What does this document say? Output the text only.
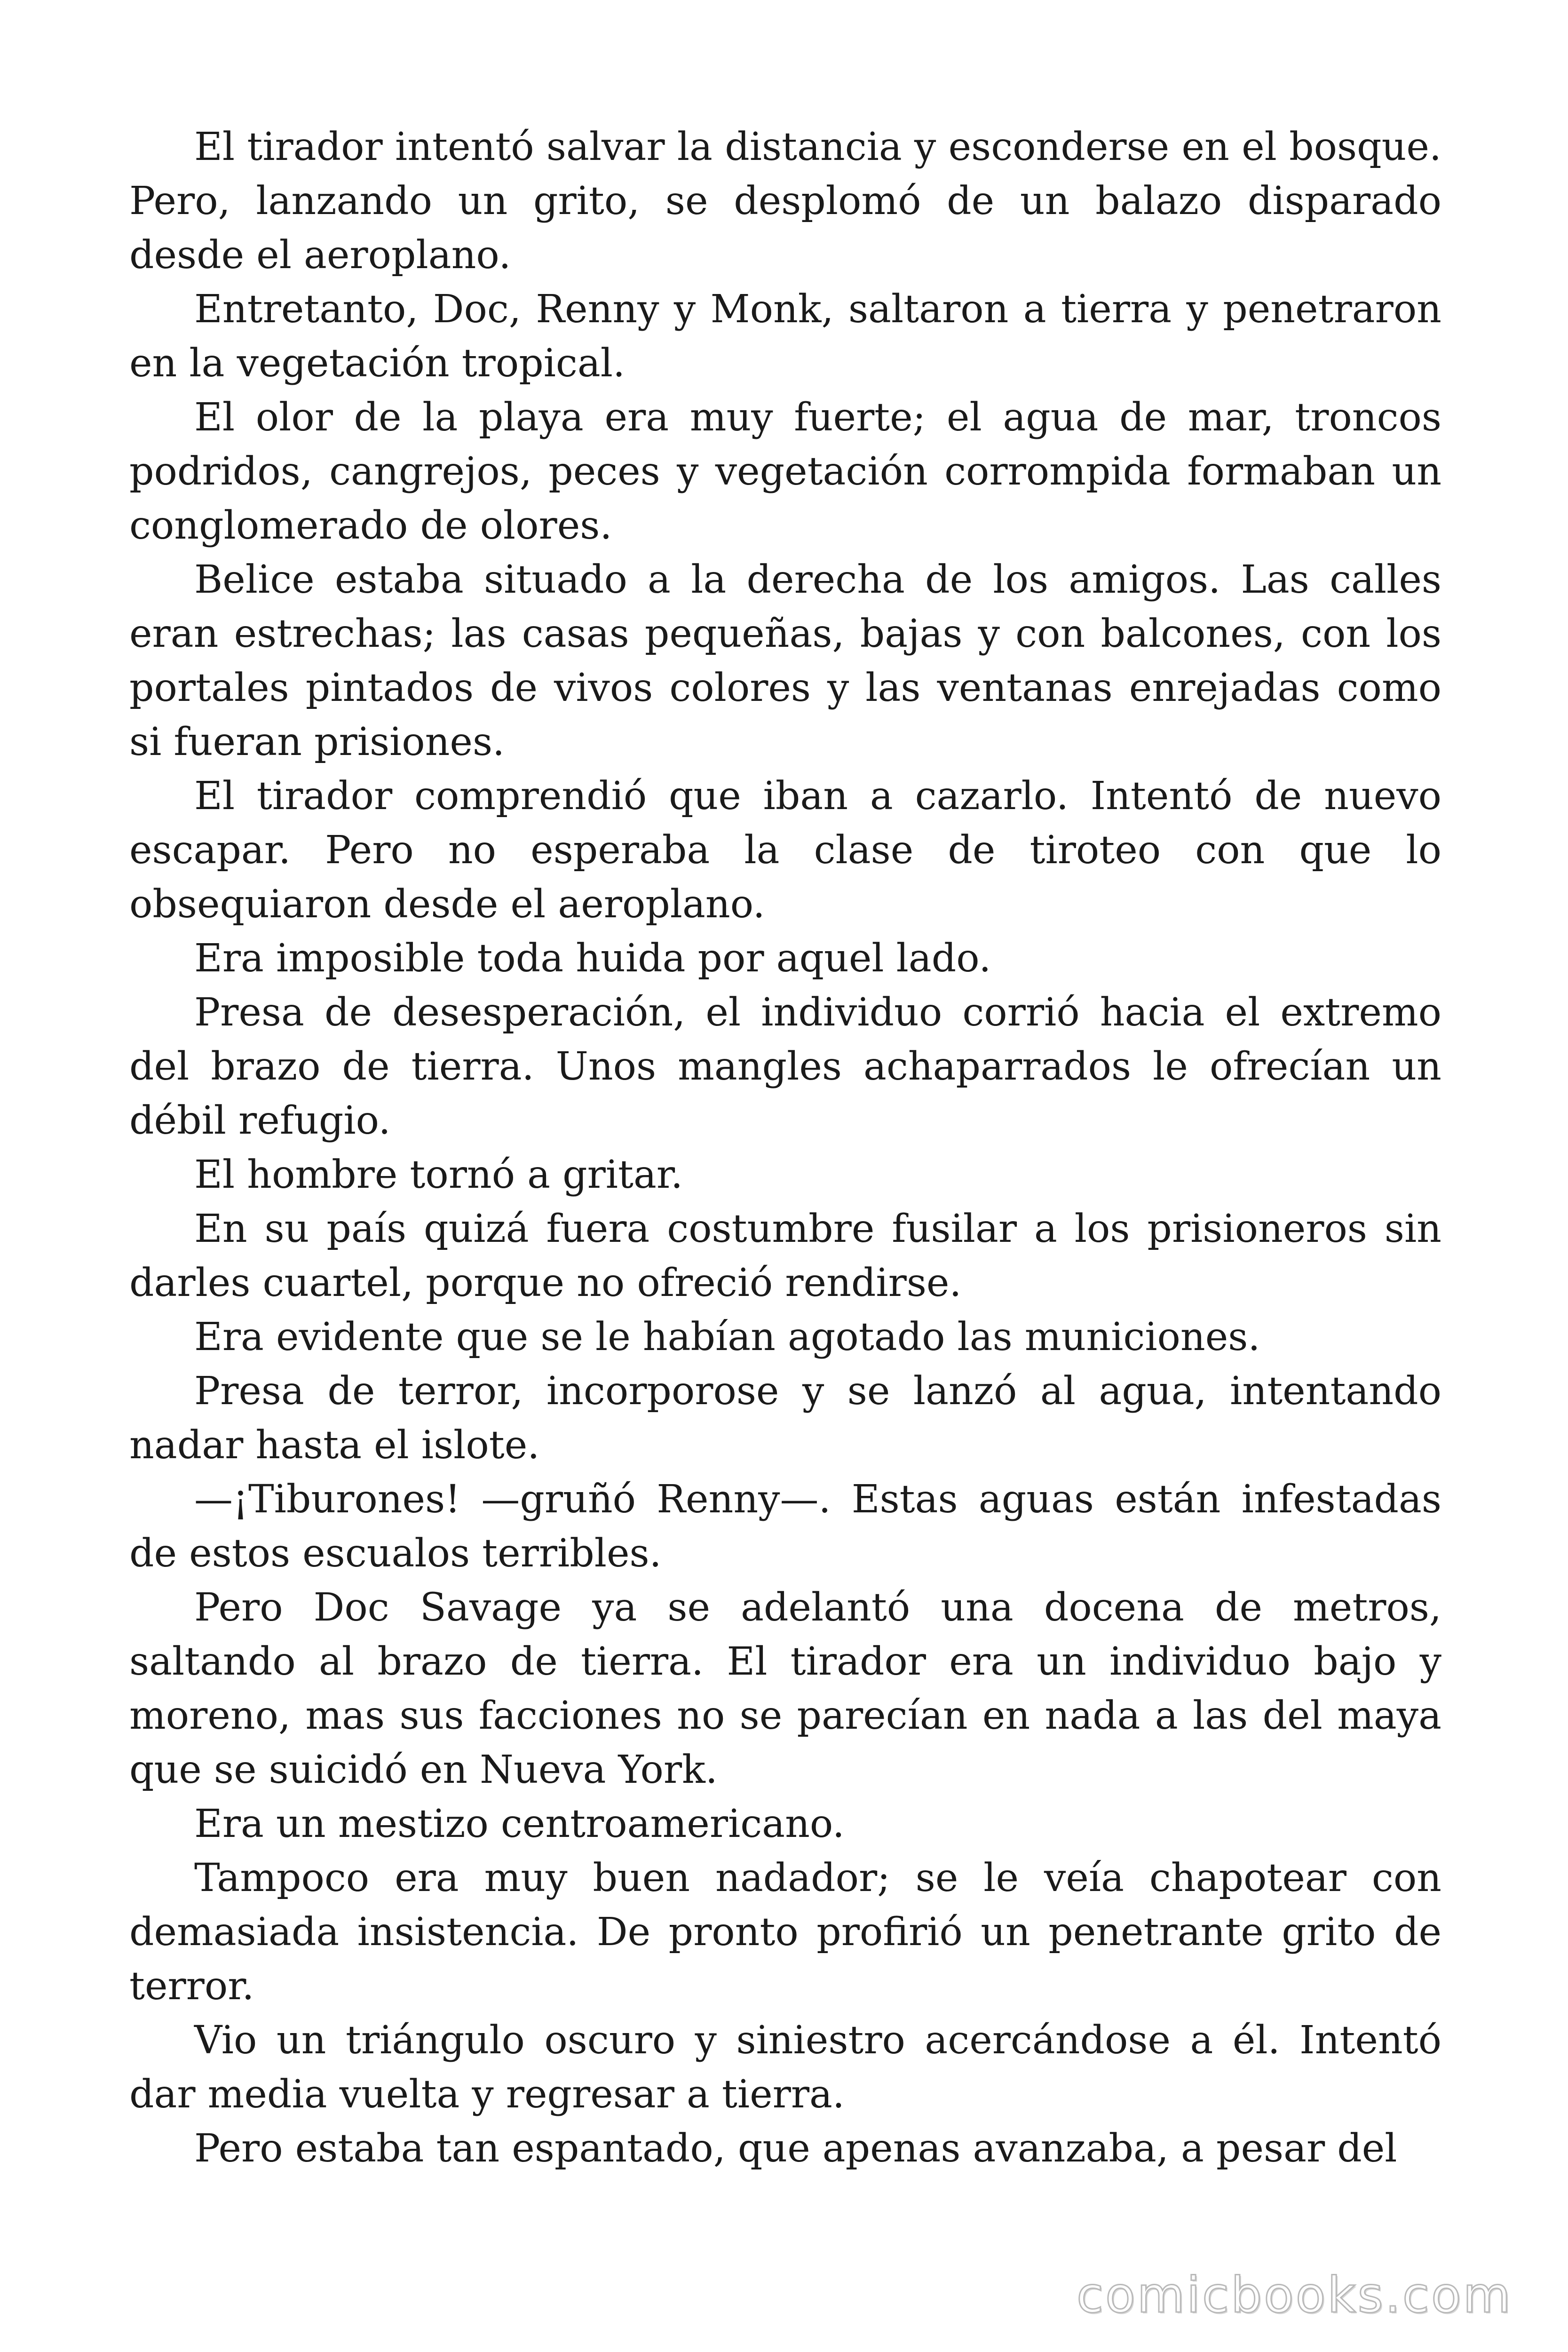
El tirador intentó salvar la distancia y esconderse en el bosque. Pero, lanzando un grito, se desplomó de un balazo disparado desde el aeroplano.

Entretanto, Doc, Renny y Monk, saltaron a tierra y penetraron en la vegetación tropical.

El olor de la playa era muy fuerte; el agua de mar, troncos podridos, cangrejos, peces y vegetación corrompida formaban un conglomerado de olores.

Belice estaba situado a la derecha de los amigos. Las calles eran estrechas; las casas pequeñas, bajas y con balcones, con los portales pintados de vivos colores y las ventanas enrejadas como si fueran prisiones.

El tirador comprendió que iban a cazarlo. Intentó de nuevo escapar. Pero no esperaba la clase de tiroteo con que lo obsequiaron desde el aeroplano.

Era imposible toda huida por aquel lado.

Presa de desesperación, el individuo corrió hacia el extremo del brazo de tierra. Unos mangles achaparrados le ofrecían un débil refugio.

El hombre tornó a gritar.

En su país quizá fuera costumbre fusilar a los prisioneros sin darles cuartel, porque no ofreció rendirse.

Era evidente que se le habían agotado las municiones.

Presa de terror, incorporose y se lanzó al agua, intentando nadar hasta el islote.

—¡Tiburones! —gruñó Renny—. Estas aguas están infestadas de estos escualos terribles.

Pero Doc Savage ya se adelantó una docena de metros, saltando al brazo de tierra. El tirador era un individuo bajo y moreno, mas sus facciones no se parecían en nada a las del maya que se suicidó en Nueva York.

Era un mestizo centroamericano.

Tampoco era muy buen nadador; se le veía chapotear con demasiada insistencia. De pronto profirió un penetrante grito de terror.

Vio un triángulo oscuro y siniestro acercándose a él. Intentó dar media vuelta y regresar a tierra.

Pero estaba tan espantado, que apenas avanzaba, a pesar del

comicbooks.com
